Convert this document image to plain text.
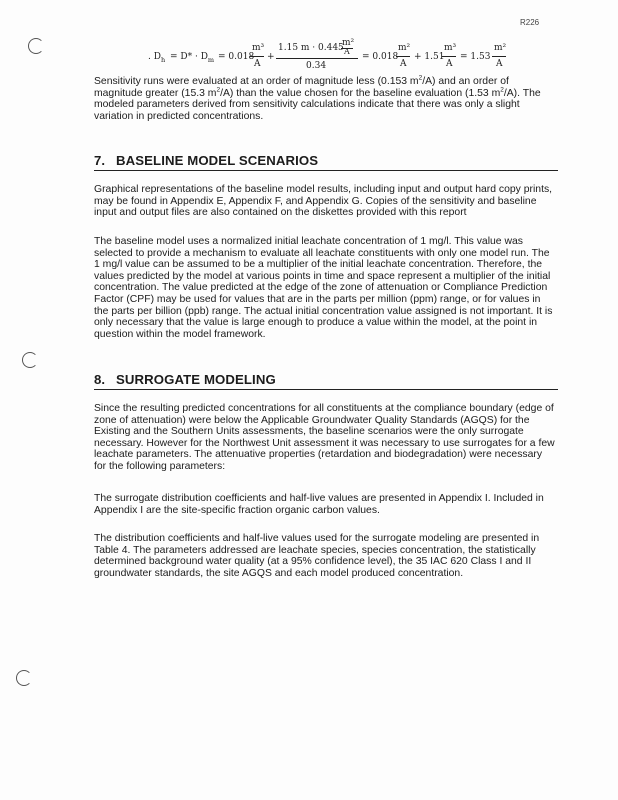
R226
. $D_h = D* \cdot D_m = 0.018$
m³
A
+
1.15 m · 0.445
m²
A
0.34
= 0.018
m²
A
+ 1.51
m³
A
= 1.53
m²
A

Sensitivity runs were evaluated at an order of magnitude less (0.153 $m^2/A$) and an order of magnitude greater (15.3 $m^2/A$) than the value chosen for the baseline evaluation (1.53 $m^2/A$). The modeled parameters derived from sensitivity calculations indicate that there was only a slight variation in predicted concentrations.

7. BASELINE MODEL SCENARIOS

Graphical representations of the baseline model results, including input and output hard copy prints, may be found in Appendix E, Appendix F, and Appendix G. Copies of the sensitivity and baseline input and output files are also contained on the diskettes provided with this report

The baseline model uses a normalized initial leachate concentration of 1 mg/l. This value was selected to provide a mechanism to evaluate all leachate constituents with only one model run. The 1 mg/l value can be assumed to be a multiplier of the initial leachate concentration. Therefore, the values predicted by the model at various points in time and space represent a multiplier of the initial concentration. The value predicted at the edge of the zone of attenuation or Compliance Prediction Factor (CPF) may be used for values that are in the parts per million (ppm) range, or for values in the parts per billion (ppb) range. The actual initial concentration value assigned is not important. It is only necessary that the value is large enough to produce a value within the model, at the point in question within the model framework.

8. SURROGATE MODELING

Since the resulting predicted concentrations for all constituents at the compliance boundary (edge of zone of attenuation) were below the Applicable Groundwater Quality Standards (AGQS) for the Existing and the Southern Units assessments, the baseline scenarios were the only surrogate necessary. However for the Northwest Unit assessment it was necessary to use surrogates for a few leachate parameters. The attenuative properties (retardation and biodegradation) were necessary for the following parameters:

The surrogate distribution coefficients and half-live values are presented in Appendix I. Included in Appendix I are the site-specific fraction organic carbon values.

The distribution coefficients and half-live values used for the surrogate modeling are presented in Table 4. The parameters addressed are leachate species, species concentration, the statistically determined background water quality (at a 95% confidence level), the 35 IAC 620 Class I and II groundwater standards, the site AGQS and each model produced concentration.
